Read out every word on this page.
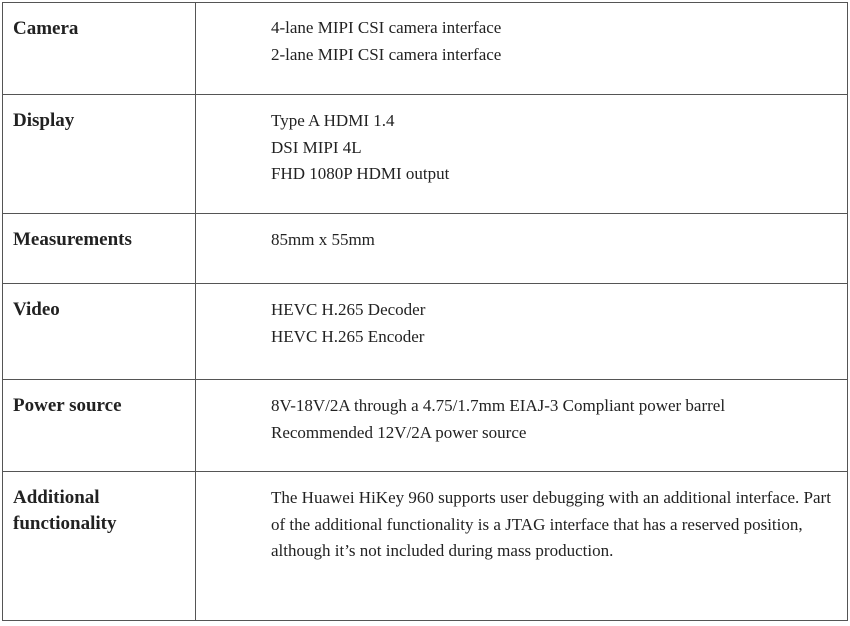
Camera	4-lane MIPI CSI camera interface
2-lane MIPI CSI camera interface

Display	Type A HDMI 1.4
DSI MIPI 4L
FHD 1080P HDMI output

Measurements	85mm x 55mm

Video	HEVC H.265 Decoder
HEVC H.265 Encoder

Power source	8V-18V/2A through a 4.75/1.7mm EIAJ-3 Compliant power barrel
Recommended 12V/2A power source

Additional functionality	The Huawei HiKey 960 supports user debugging with an additional interface. Part of the additional functionality is a JTAG interface that has a reserved position, although it’s not included during mass production.
